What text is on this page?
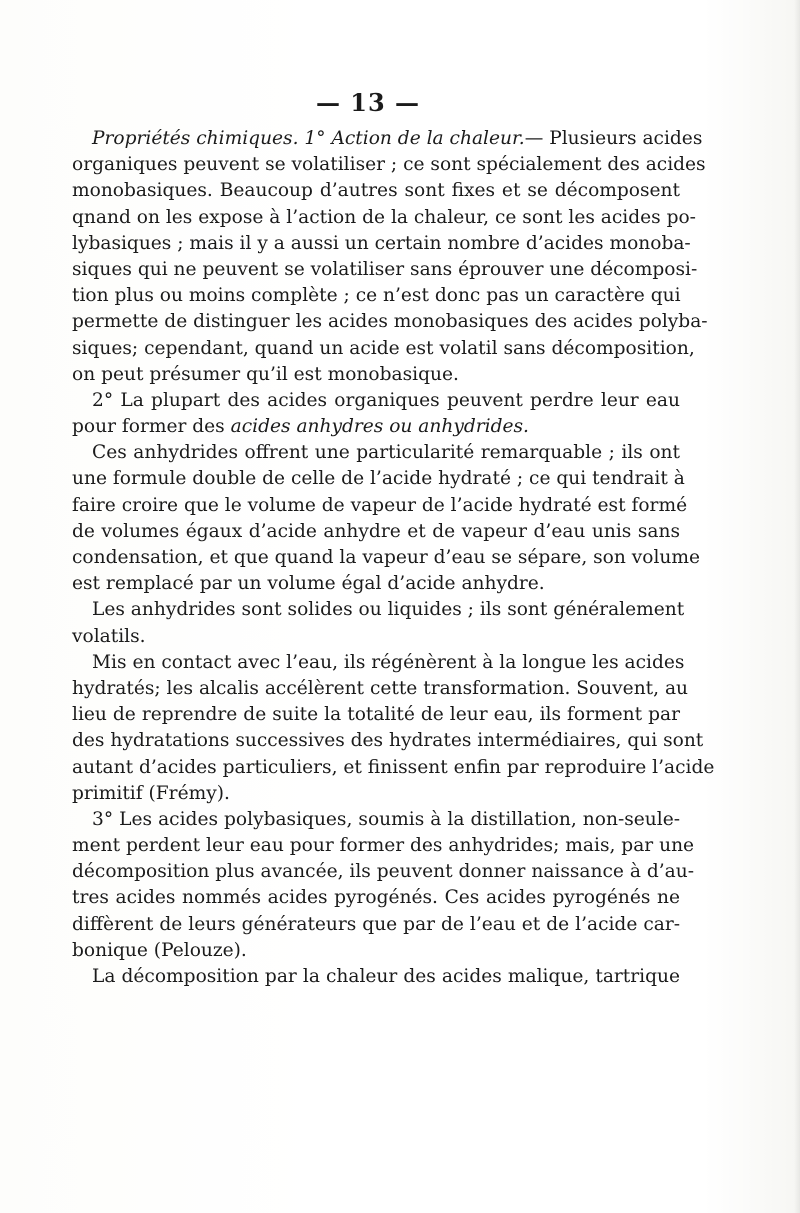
— 13 —
Propriétés chimiques. 1° Action de la chaleur.— Plusieurs acides
organiques peuvent se volatiliser ; ce sont spécialement des acides
monobasiques. Beaucoup d’autres sont fixes et se décomposent
qnand on les expose à l’action de la chaleur, ce sont les acides po-
lybasiques ; mais il y a aussi un certain nombre d’acides monoba-
siques qui ne peuvent se volatiliser sans éprouver une décomposi-
tion plus ou moins complète ; ce n’est donc pas un caractère qui
permette de distinguer les acides monobasiques des acides polyba-
siques; cependant, quand un acide est volatil sans décomposition,
on peut présumer qu’il est monobasique.
2° La plupart des acides organiques peuvent perdre leur eau
pour former des acides anhydres ou anhydrides.
Ces anhydrides offrent une particularité remarquable ; ils ont
une formule double de celle de l’acide hydraté ; ce qui tendrait à
faire croire que le volume de vapeur de l’acide hydraté est formé
de volumes égaux d’acide anhydre et de vapeur d’eau unis sans
condensation, et que quand la vapeur d’eau se sépare, son volume
est remplacé par un volume égal d’acide anhydre.
Les anhydrides sont solides ou liquides ; ils sont généralement
volatils.
Mis en contact avec l’eau, ils régénèrent à la longue les acides
hydratés; les alcalis accélèrent cette transformation. Souvent, au
lieu de reprendre de suite la totalité de leur eau, ils forment par
des hydratations successives des hydrates intermédiaires, qui sont
autant d’acides particuliers, et finissent enfin par reproduire l’acide
primitif (Frémy).
3° Les acides polybasiques, soumis à la distillation, non-seule-
ment perdent leur eau pour former des anhydrides; mais, par une
décomposition plus avancée, ils peuvent donner naissance à d’au-
tres acides nommés acides pyrogénés. Ces acides pyrogénés ne
diffèrent de leurs générateurs que par de l’eau et de l’acide car-
bonique (Pelouze).
La décomposition par la chaleur des acides malique, tartrique
